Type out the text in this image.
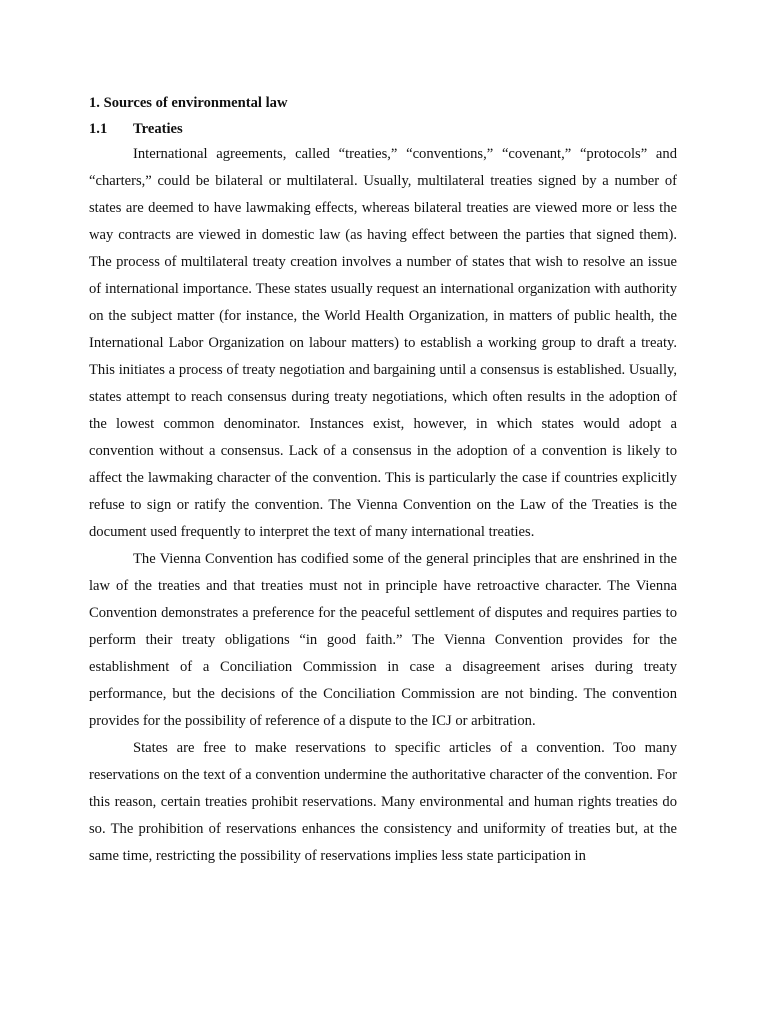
1. Sources of environmental law

1.1	Treaties

International agreements, called “treaties,” “conventions,” “covenant,” “protocols” and “charters,” could be bilateral or multilateral. Usually, multilateral treaties signed by a number of states are deemed to have lawmaking effects, whereas bilateral treaties are viewed more or less the way contracts are viewed in domestic law (as having effect between the parties that signed them). The process of multilateral treaty creation involves a number of states that wish to resolve an issue of international importance. These states usually request an international organization with authority on the subject matter (for instance, the World Health Organization, in matters of public health, the International Labor Organization on labour matters) to establish a working group to draft a treaty. This initiates a process of treaty negotiation and bargaining until a consensus is established. Usually, states attempt to reach consensus during treaty negotiations, which often results in the adoption of the lowest common denominator. Instances exist, however, in which states would adopt a convention without a consensus. Lack of a consensus in the adoption of a convention is likely to affect the lawmaking character of the convention. This is particularly the case if countries explicitly refuse to sign or ratify the convention. The Vienna Convention on the Law of the Treaties is the document used frequently to interpret the text of many international treaties.

The Vienna Convention has codified some of the general principles that are enshrined in the law of the treaties and that treaties must not in principle have retroactive character. The Vienna Convention demonstrates a preference for the peaceful settlement of disputes and requires parties to perform their treaty obligations “in good faith.” The Vienna Convention provides for the establishment of a Conciliation Commission in case a disagreement arises during treaty performance, but the decisions of the Conciliation Commission are not binding. The convention provides for the possibility of reference of a dispute to the ICJ or arbitration.

States are free to make reservations to specific articles of a convention. Too many reservations on the text of a convention undermine the authoritative character of the convention. For this reason, certain treaties prohibit reservations. Many environmental and human rights treaties do so. The prohibition of reservations enhances the consistency and uniformity of treaties but, at the same time, restricting the possibility of reservations implies less state participation in
